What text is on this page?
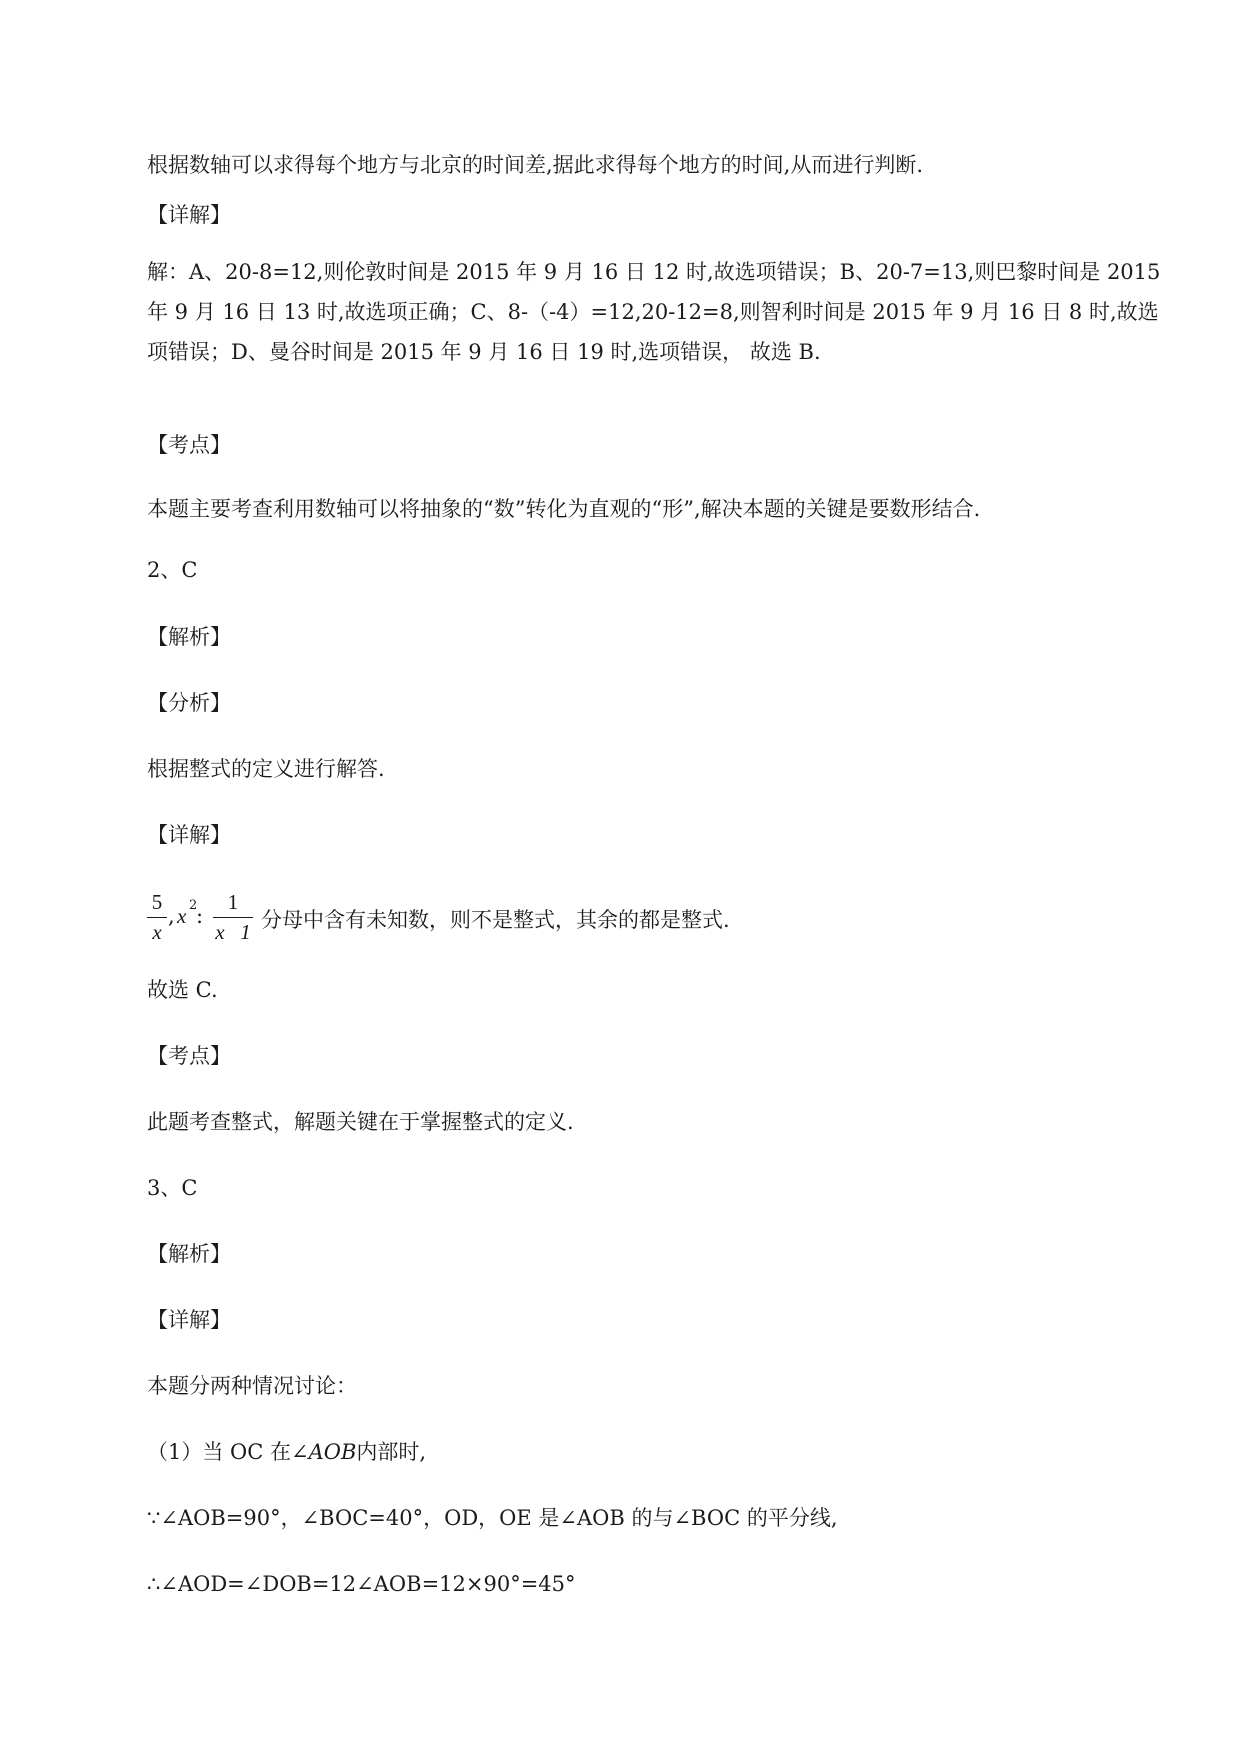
根据数轴可以求得每个地方与北京的时间差,据此求得每个地方的时间,从而进行判断.
【详解】
解：A、20-8=12,则伦敦时间是 2015 年 9 月 16 日 12 时,故选项错误；B、20-7=13,则巴黎时间是 2015
年 9 月 16 日 13 时,故选项正确；C、8-（-4）=12,20-12=8,则智利时间是 2015 年 9 月 16 日 8 时,故选
项错误；D、曼谷时间是 2015 年 9 月 16 日 19 时,选项错误， 故选 B.
【考点】
本题主要考查利用数轴可以将抽象的“数”转化为直观的“形”,解决本题的关键是要数形结合.
2、C
【解析】
【分析】
根据整式的定义进行解答.
【详解】
5
x
, x 2
:
1
x   1 分母中含有未知数，则不是整式，其余的都是整式.
故选 C.
【考点】
此题考查整式，解题关键在于掌握整式的定义.
3、C
【解析】
【详解】
本题分两种情况讨论：
（1）当 OC 在∠AOB内部时,
∵∠AOB=90°，∠BOC=40°，OD，OE 是∠AOB 的与∠BOC 的平分线,
∴∠AOD=∠DOB=12∠AOB=12×90°=45°
